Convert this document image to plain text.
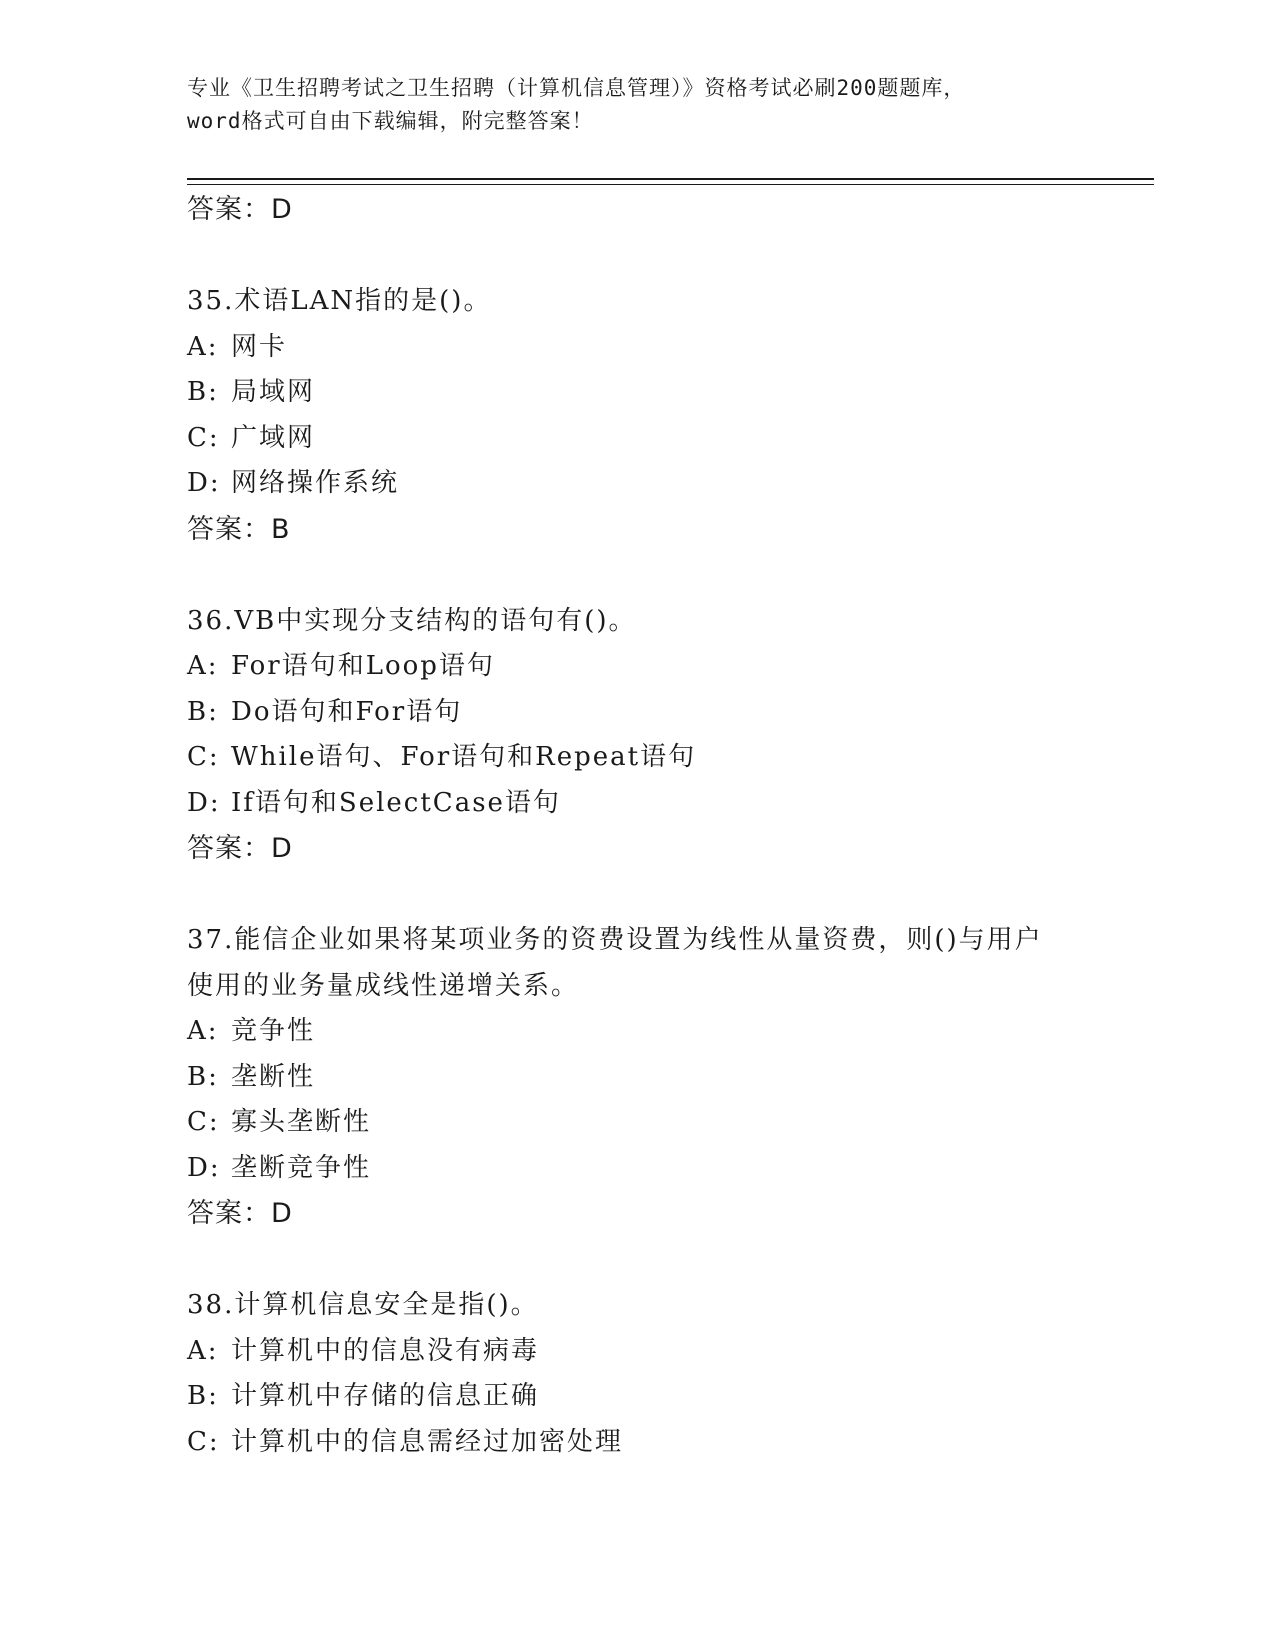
专业《卫生招聘考试之卫生招聘（计算机信息管理）》资格考试必刷200题题库，
word格式可自由下载编辑，附完整答案！
答案：D
35.术语LAN指的是()。
A: 网卡
B: 局域网
C: 广域网
D: 网络操作系统
答案：B
36.VB中实现分支结构的语句有()。
A: For语句和Loop语句
B: Do语句和For语句
C: While语句、For语句和Repeat语句
D: If语句和SelectCase语句
答案：D
37.能信企业如果将某项业务的资费设置为线性从量资费，则()与用户使用的业务量成线性递增关系。
A: 竞争性
B: 垄断性
C: 寡头垄断性
D: 垄断竞争性
答案：D
38.计算机信息安全是指()。
A: 计算机中的信息没有病毒
B: 计算机中存储的信息正确
C: 计算机中的信息需经过加密处理
